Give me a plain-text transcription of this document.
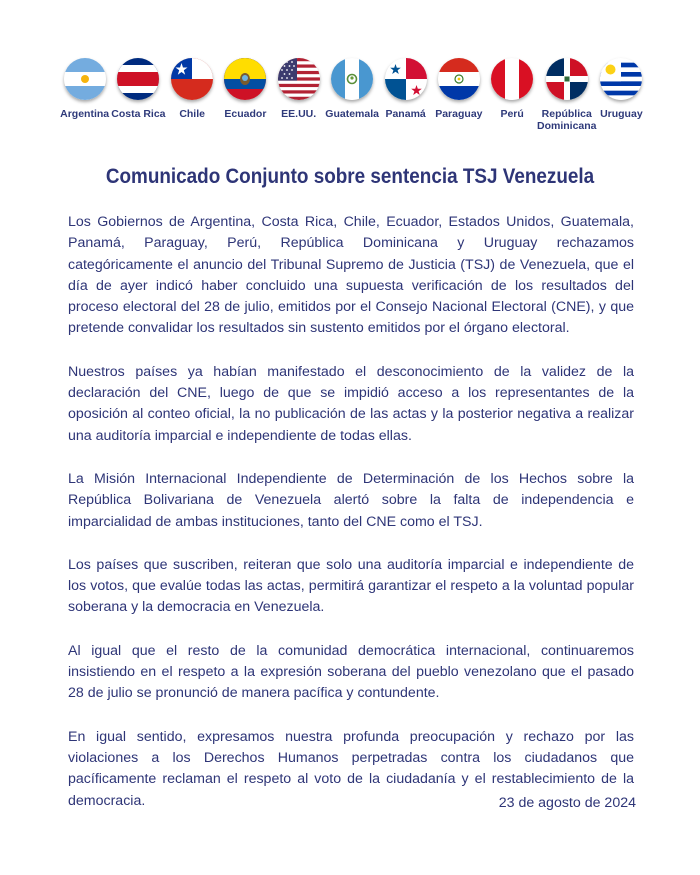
Argentina Costa Rica Chile Ecuador EE.UU. Guatemala Panamá Paraguay Perú	República
Dominicana
Uruguay
Comunicado Conjunto sobre sentencia TSJ Venezuela

Los Gobiernos de Argentina, Costa Rica, Chile, Ecuador, Estados Unidos, Guatemala, Panamá, Paraguay, Perú, República Dominicana y Uruguay rechazamos categóricamente el anuncio del Tribunal Supremo de Justicia (TSJ) de Venezuela, que el día de ayer indicó haber concluido una supuesta verificación de los resultados del proceso electoral del 28 de julio, emitidos por el Consejo Nacional Electoral (CNE), y que pretende convalidar los resultados sin sustento emitidos por el órgano electoral.

Nuestros países ya habían manifestado el desconocimiento de la validez de la declaración del CNE, luego de que se impidió acceso a los representantes de la oposición al conteo oficial, la no publicación de las actas y la posterior negativa a realizar una auditoría imparcial e independiente de todas ellas.

La Misión Internacional Independiente de Determinación de los Hechos sobre la República Bolivariana de Venezuela alertó sobre la falta de independencia e imparcialidad de ambas instituciones, tanto del CNE como el TSJ.

Los países que suscriben, reiteran que solo una auditoría imparcial e independiente de los votos, que evalúe todas las actas, permitirá garantizar el respeto a la voluntad popular soberana y la democracia en Venezuela.

Al igual que el resto de la comunidad democrática internacional, continuaremos insistiendo en el respeto a la expresión soberana del pueblo venezolano que el pasado 28 de julio se pronunció de manera pacífica y contundente.

En igual sentido, expresamos nuestra profunda preocupación y rechazo por las violaciones a los Derechos Humanos perpetradas contra los ciudadanos que pacíficamente reclaman el respeto al voto de la ciudadanía y el restablecimiento de la democracia.	23 de agosto de 2024
